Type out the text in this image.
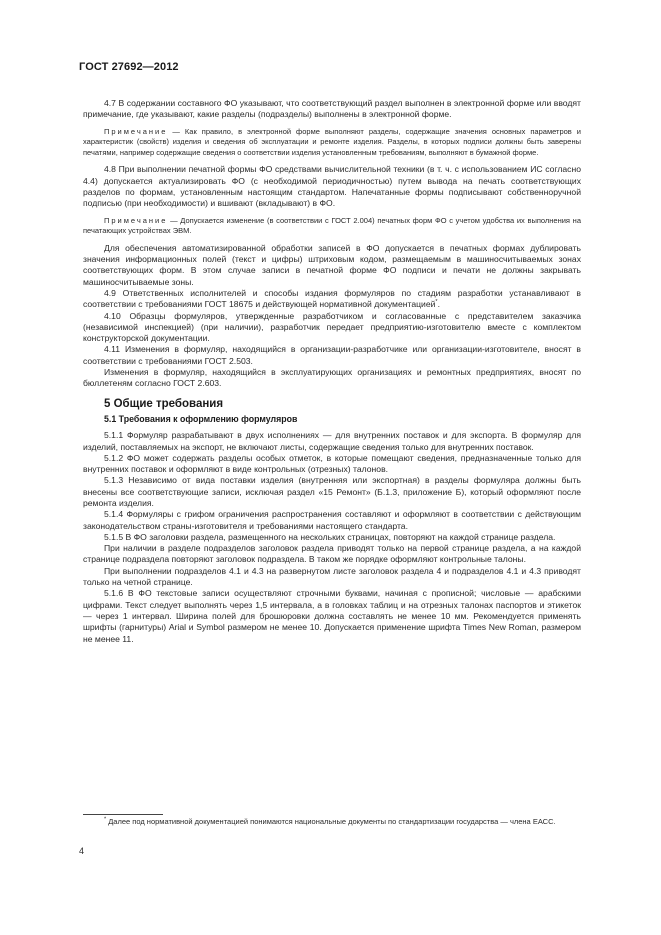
ГОСТ 27692—2012

4.7 В содержании составного ФО указывают, что соответствующий раздел выполнен в электронной форме или вводят примечание, где указывают, какие разделы (подразделы) выполнены в электронной форме.

Примечание — Как правило, в электронной форме выполняют разделы, содержащие значения основных параметров и характеристик (свойств) изделия и сведения об эксплуатации и ремонте изделия. Разделы, в которых подписи должны быть заверены печатями, например содержащие сведения о соответствии изделия установленным требованиям, выполняют в бумажной форме.

4.8 При выполнении печатной формы ФО средствами вычислительной техники (в т. ч. с использованием ИС согласно 4.4) допускается актуализировать ФО (с необходимой периодичностью) путем вывода на печать соответствующих разделов по формам, установленным настоящим стандартом. Напечатанные формы подписывают собственноручной подписью (при необходимости) и вшивают (вкладывают) в ФО.

Примечание — Допускается изменение (в соответствии с ГОСТ 2.004) печатных форм ФО с учетом удобства их выполнения на печатающих устройствах ЭВМ.

Для обеспечения автоматизированной обработки записей в ФО допускается в печатных формах дублировать значения информационных полей (текст и цифры) штриховым кодом, размещаемым в машиносчитываемых зонах соответствующих форм. В этом случае записи в печатной форме ФО подписи и печати не должны закрывать машиносчитываемые зоны.

4.9 Ответственных исполнителей и способы издания формуляров по стадиям разработки устанавливают в соответствии с требованиями ГОСТ 18675 и действующей нормативной документацией*.

4.10 Образцы формуляров, утвержденные разработчиком и согласованные с представителем заказчика (независимой инспекцией) (при наличии), разработчик передает предприятию-изготовителю вместе с комплектом конструкторской документации.

4.11 Изменения в формуляр, находящийся в организации-разработчике или организации-изготовителе, вносят в соответствии с требованиями ГОСТ 2.503.

Изменения в формуляр, находящийся в эксплуатирующих организациях и ремонтных предприятиях, вносят по бюллетеням согласно ГОСТ 2.603.

5 Общие требования
5.1 Требования к оформлению формуляров

5.1.1 Формуляр разрабатывают в двух исполнениях — для внутренних поставок и для экспорта. В формуляр для изделий, поставляемых на экспорт, не включают листы, содержащие сведения только для внутренних поставок.

5.1.2 ФО может содержать разделы особых отметок, в которые помещают сведения, предназначенные только для внутренних поставок и оформляют в виде контрольных (отрезных) талонов.

5.1.3 Независимо от вида поставки изделия (внутренняя или экспортная) в разделы формуляра должны быть внесены все соответствующие записи, исключая раздел «15 Ремонт» (Б.1.3, приложение Б), который оформляют после ремонта изделия.

5.1.4 Формуляры с грифом ограничения распространения составляют и оформляют в соответствии с действующим законодательством страны-изготовителя и требованиями настоящего стандарта.

5.1.5 В ФО заголовки раздела, размещенного на нескольких страницах, повторяют на каждой странице раздела.

При наличии в разделе подразделов заголовок раздела приводят только на первой странице раздела, а на каждой странице подраздела повторяют заголовок подраздела. В таком же порядке оформляют контрольные талоны.

При выполнении подразделов 4.1 и 4.3 на развернутом листе заголовок раздела 4 и подразделов 4.1 и 4.3 приводят только на четной странице.

5.1.6 В ФО текстовые записи осуществляют строчными буквами, начиная с прописной; числовые — арабскими цифрами. Текст следует выполнять через 1,5 интервала, а в головках таблиц и на отрезных талонах паспортов и этикеток — через 1 интервал. Ширина полей для брошюровки должна составлять не менее 10 мм. Рекомендуется применять шрифты (гарнитуры) Arial и Symbol размером не менее 10. Допускается применение шрифта Times New Roman, размером не менее 11.

* Далее под нормативной документацией понимаются национальные документы по стандартизации государства — члена ЕАСС.
4
